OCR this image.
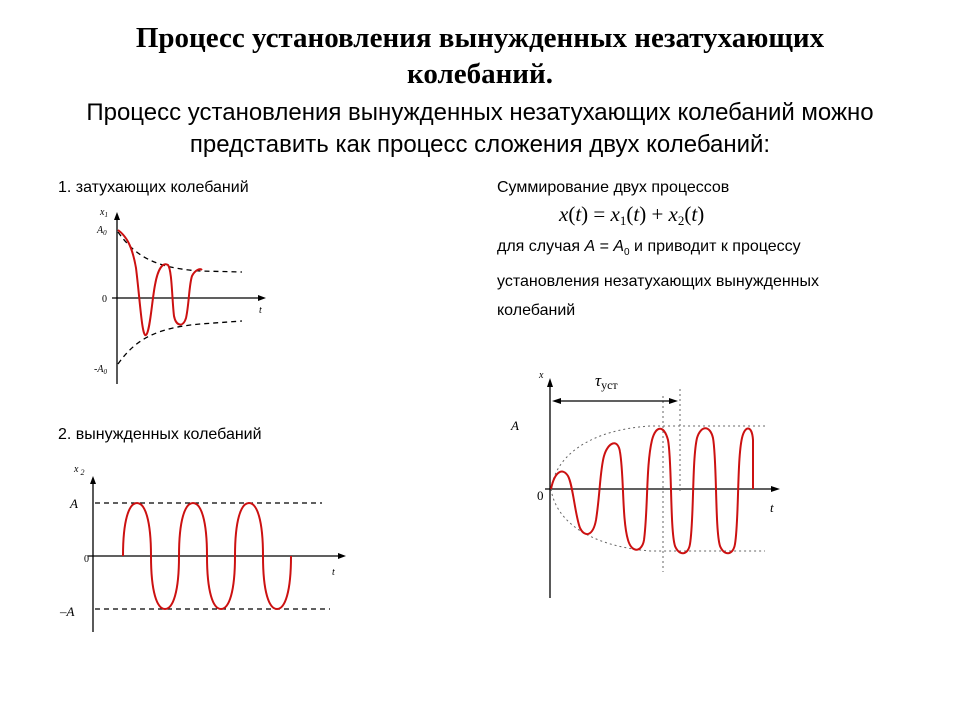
Процесс установления вынужденных незатухающих
колебаний.
Процесс установления вынужденных незатухающих колебаний можно
представить как процесс сложения двух колебаний:
1. затухающих колебаний
$x_1$
t
$A_0$
0
$-A_0$
2. вынужденных колебаний
x $_2$
t
A
0
–A
Суммирование двух процессов
$x(t) = x_1(t) + x_2(t)$
для случая $A = A_0$ и приводит к процессу
установления незатухающих вынужденных
колебаний
x
t
A
0
τуст
